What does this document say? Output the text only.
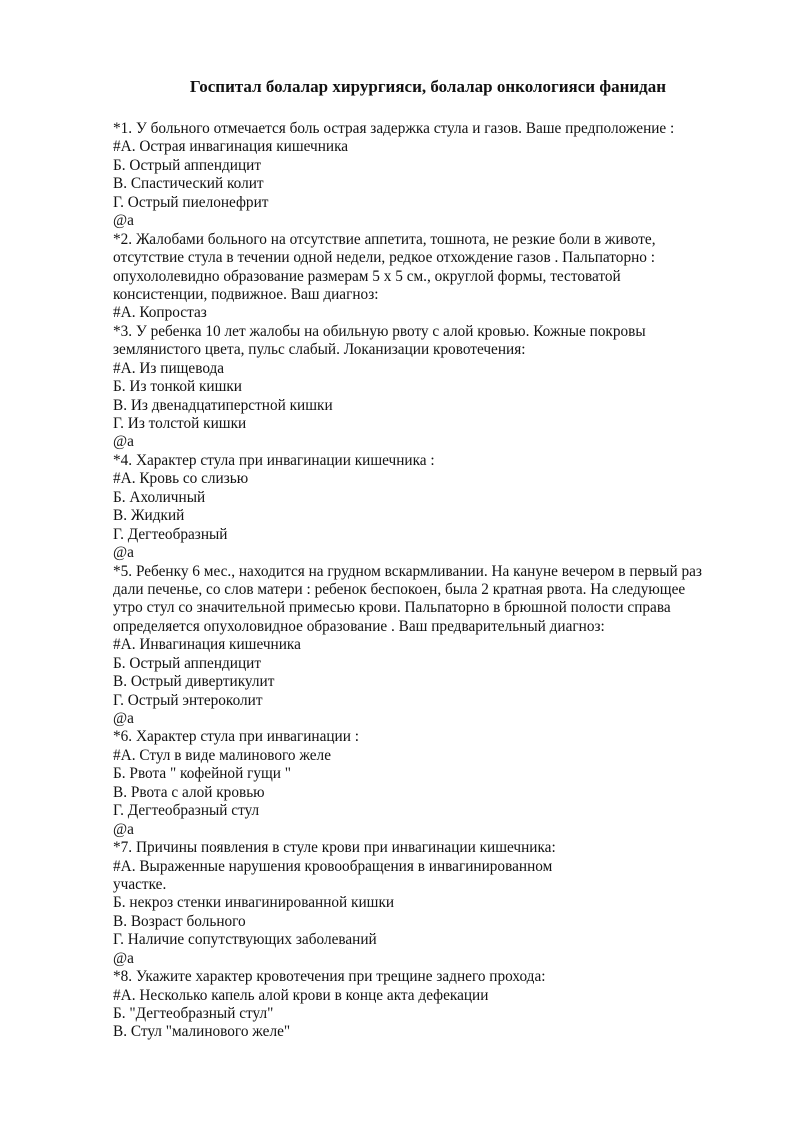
Госпитал болалар хирургияси, болалар онкологияси фанидан
*1. У больного отмечается боль острая задержка стула и газов. Ваше предположение :
#А. Острая инвагинация кишечника
Б. Острый аппендицит
В. Спастический колит
Г. Острый пиелонефрит
@а
*2. Жалобами больного на отсутствие аппетита, тошнота, не резкие боли в животе,
отсутствие стула в течении одной недели, редкое отхождение газов . Пальпаторно :
опухололевидно образование размерам 5 х 5 см., округлой формы, тестоватой
консистенции, подвижное. Ваш диагноз:
#А. Копростаз
*3. У ребенка 10 лет жалобы на обильную рвоту с алой кровью. Кожные покровы
землянистого цвета, пульс слабый. Локанизации кровотечения:
#А. Из пищевода
Б. Из тонкой кишки
В. Из двенадцатиперстной кишки
Г. Из толстой кишки
@а
*4. Характер стула при инвагинации кишечника :
#А. Кровь со слизью
Б. Ахоличный
В. Жидкий
Г. Дегтеобразный
@а
*5. Ребенку 6 мес., находится на грудном вскармливании. На кануне вечером в первый раз
дали печенье, со слов матери : ребенок беспокоен, была 2 кратная рвота. На следующее
утро стул со значительной примесью крови. Пальпаторно в брюшной полости справа
определяется опухоловидное образование . Ваш предварительный диагноз:
#А. Инвагинация кишечника
Б. Острый аппендицит
В. Острый дивертикулит
Г. Острый энтероколит
@а
*6. Характер стула при инвагинации :
#А. Стул в виде малинового желе
Б. Рвота " кофейной гущи "
В. Рвота с алой кровью
Г. Дегтеобразный стул
@а
*7. Причины появления в стуле крови при инвагинации кишечника:
#А. Выраженные нарушения кровообращения в инвагинированном
участке.
Б. некроз стенки инвагинированной кишки
В. Возраст больного
Г. Наличие сопутствующих заболеваний
@а
*8. Укажите характер кровотечения при трещине заднего прохода:
#А. Несколько капель алой крови в конце акта дефекации
Б. "Дегтеобразный стул"
В. Стул "малинового желе"
